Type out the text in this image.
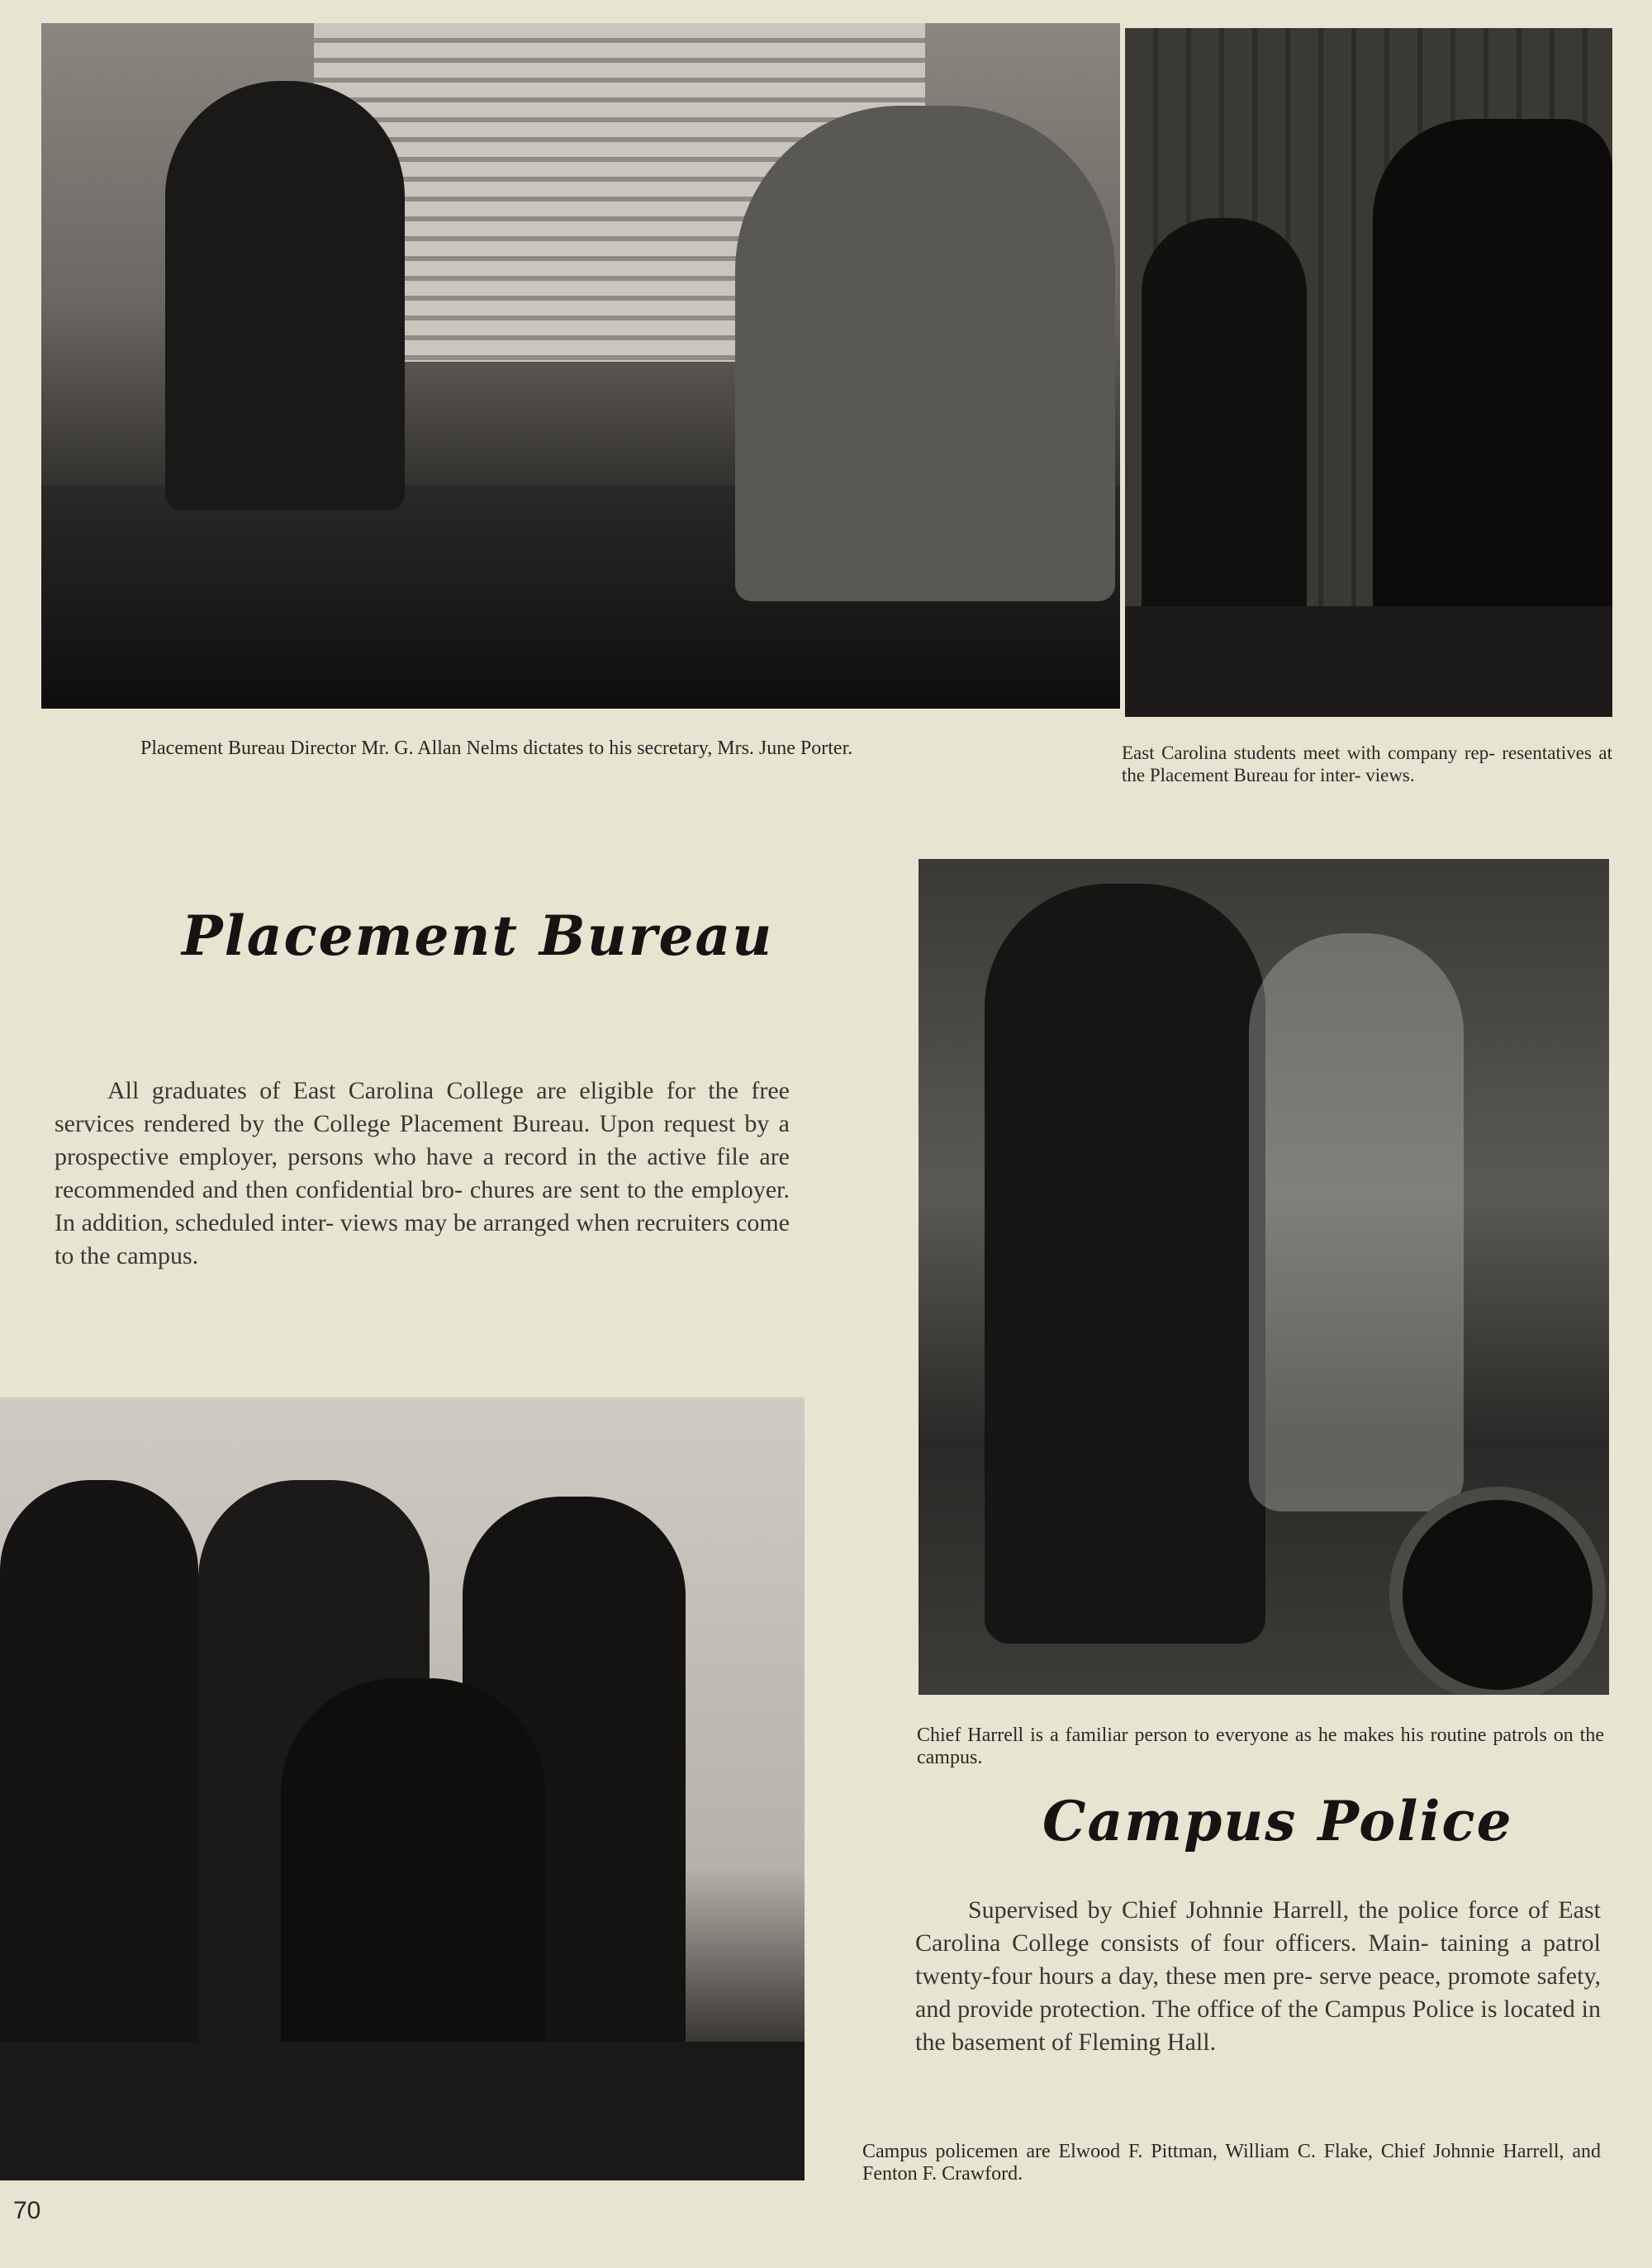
Placement Bureau Director Mr. G. Allan Nelms dictates to his secretary, Mrs. June Porter.	East Carolina students meet with company rep- resentatives at the Placement Bureau for inter- views.

Placement Bureau

All graduates of East Carolina College are eligible for the free services rendered by the College Placement Bureau. Upon request by a prospective employer, persons who have a record in the active file are recommended and then confidential bro- chures are sent to the employer. In addition, scheduled inter- views may be arranged when recruiters come to the campus.

Chief Harrell is a familiar person to everyone as he makes his routine patrols on the campus.

Campus Police

Supervised by Chief Johnnie Harrell, the police force of East Carolina College consists of four officers. Main- taining a patrol twenty-four hours a day, these men pre- serve peace, promote safety, and provide protection. The office of the Campus Police is located in the basement of Fleming Hall.

Campus policemen are Elwood F. Pittman, William C. Flake, Chief Johnnie Harrell, and Fenton F. Crawford.

70
